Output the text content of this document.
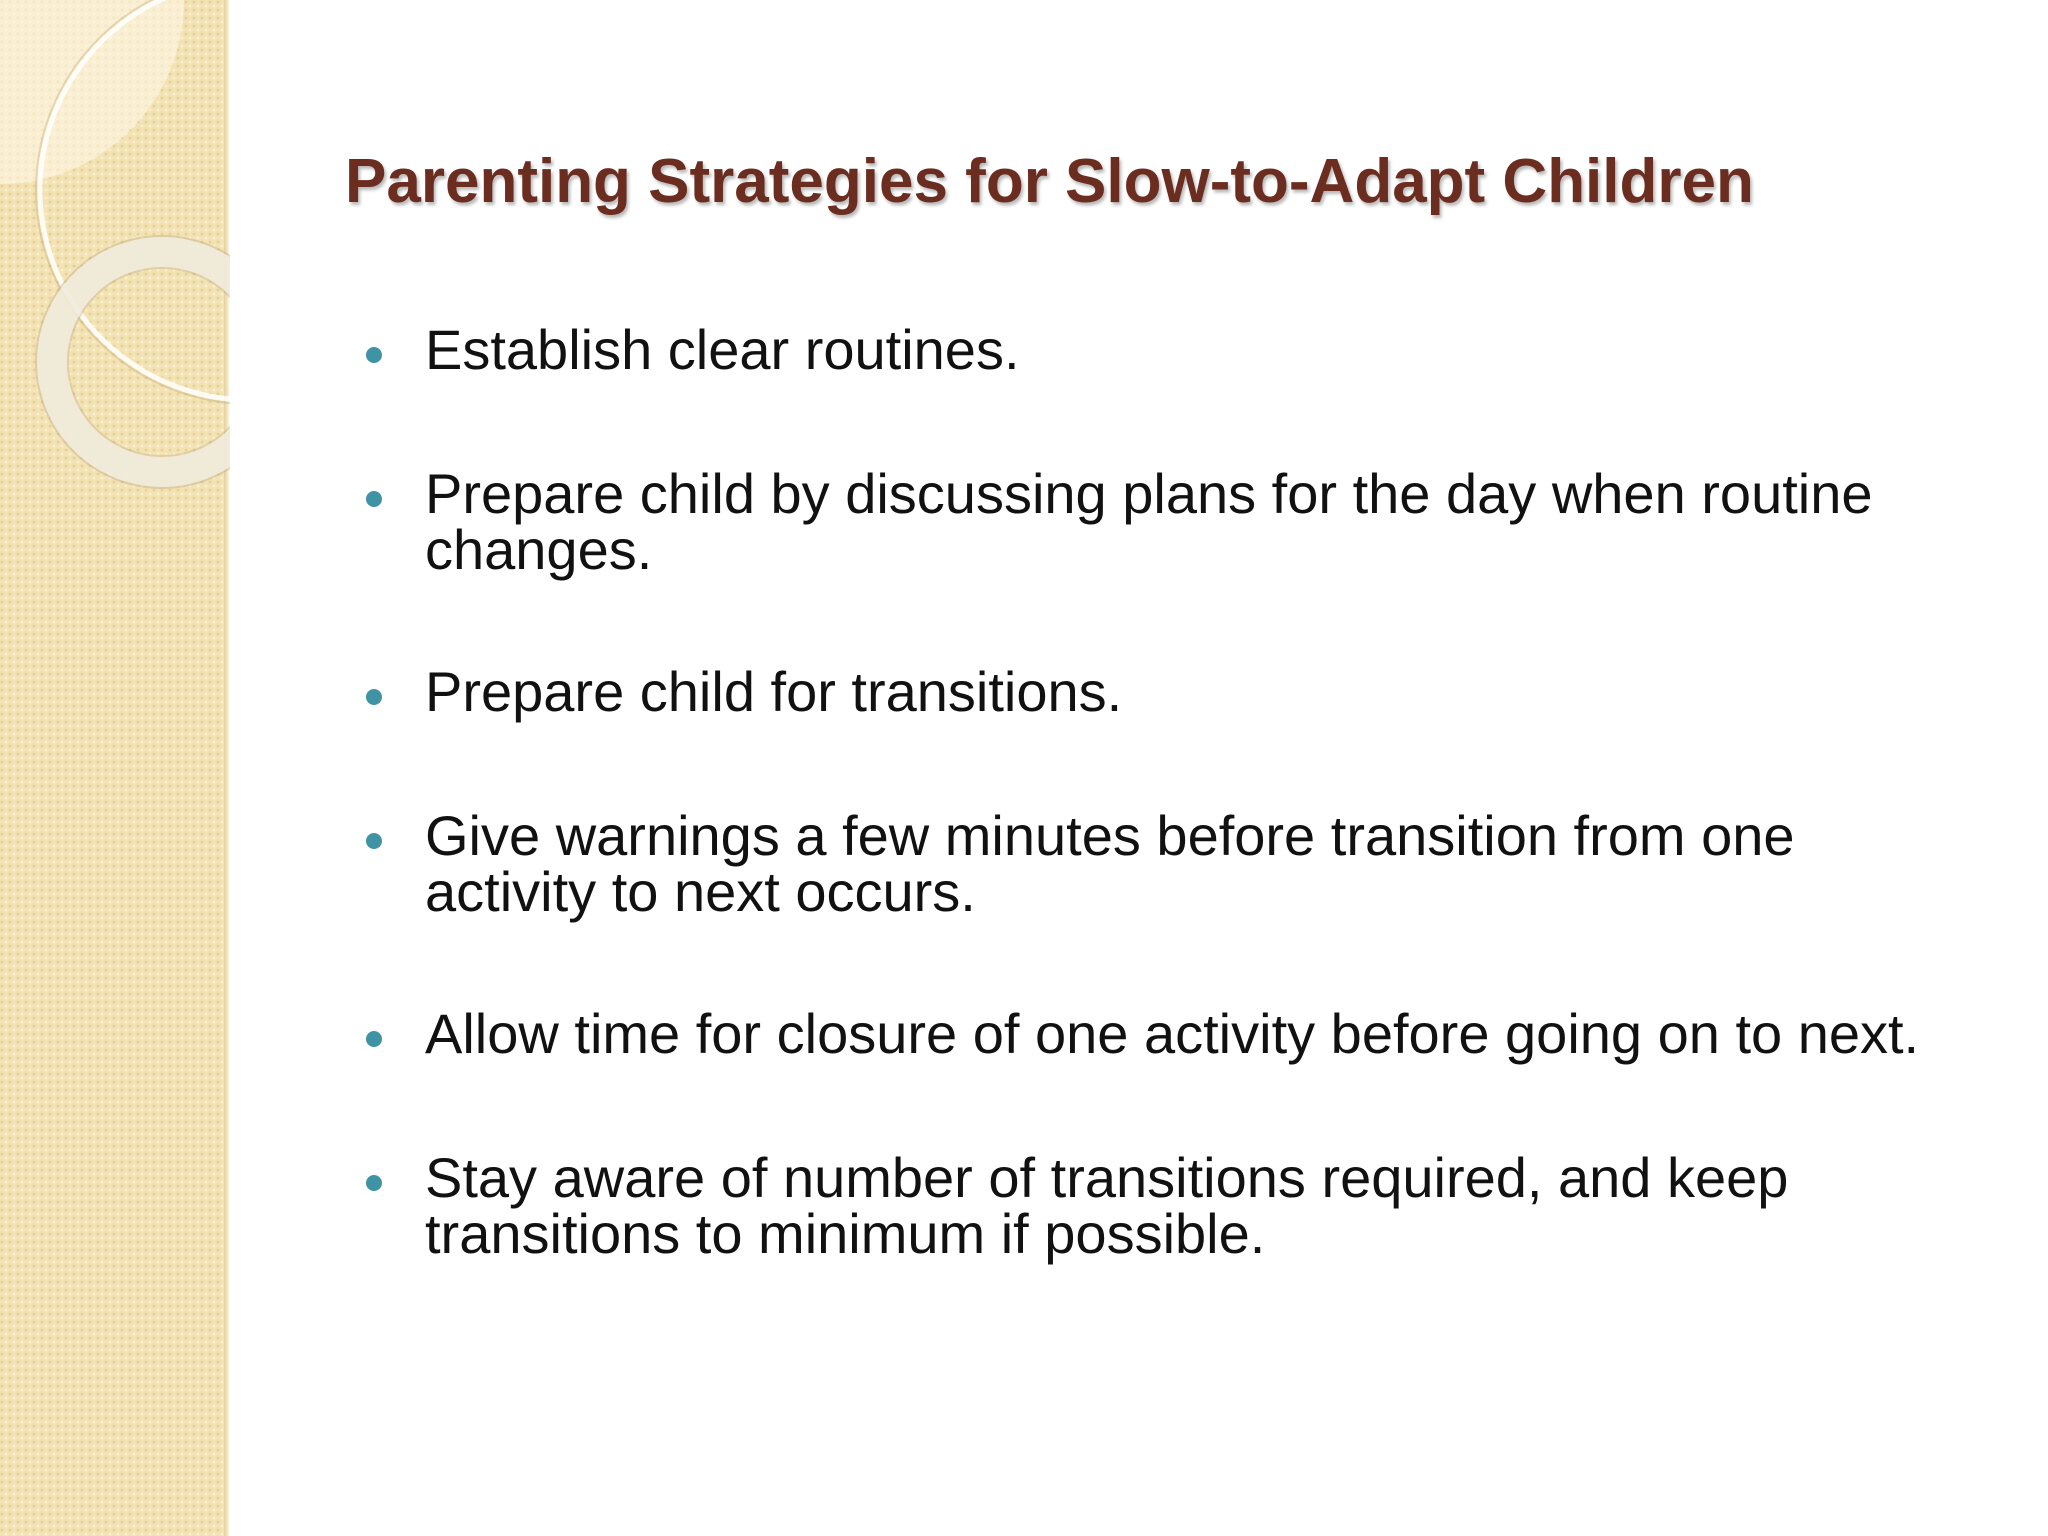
Parenting Strategies for Slow-to-Adapt Children
Establish clear routines.
Prepare child by discussing plans for the day when routine changes.
Prepare child for transitions.
Give warnings a few minutes before transition from one activity to next occurs.
Allow time for closure of one activity before going on to next.
Stay aware of number of transitions required, and keep transitions to minimum if possible.
